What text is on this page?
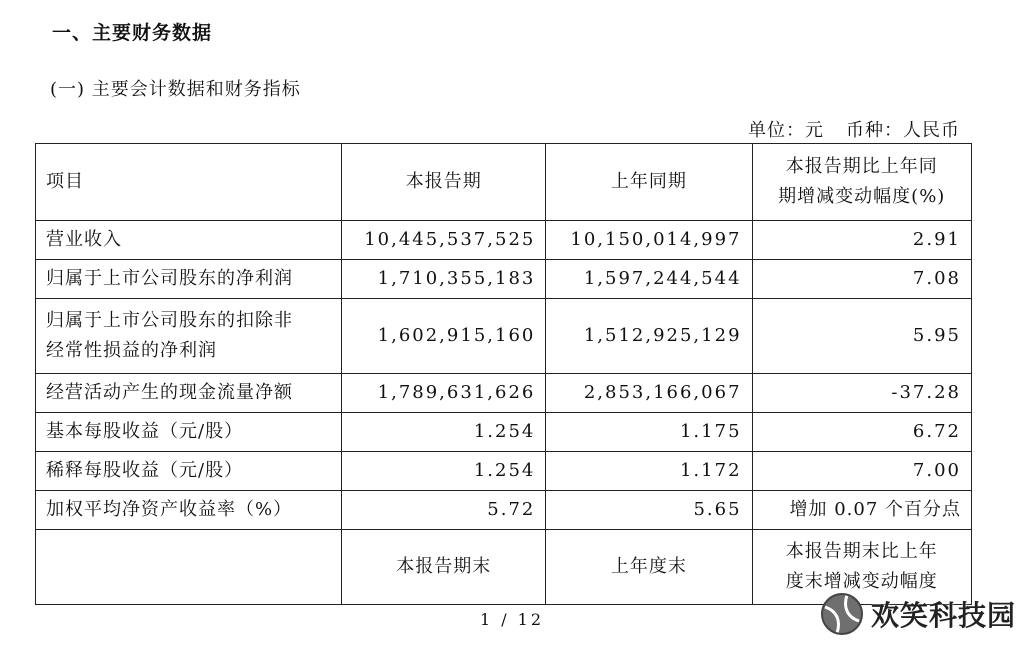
一、主要财务数据
(一) 主要会计数据和财务指标
单位：元 币种：人民币
项目	本报告期	上年同期	本报告期比上年同
期增减变动幅度(%)

营业收入	10,445,537,525	10,150,014,997	2.91
归属于上市公司股东的净利润	1,710,355,183	1,597,244,544	7.08

归属于上市公司股东的扣除非
经常性损益的净利润	1,602,915,160	1,512,925,129	5.95
经营活动产生的现金流量净额	1,789,631,626	2,853,166,067	-37.28
基本每股收益（元/股）	1.254	1.175	6.72
稀释每股收益（元/股）	1.254	1.172	7.00
加权平均净资产收益率（%）	5.72	5.65	增加 0.07 个百分点
	本报告期末	上年度末	本报告期末比上年
度末增减变动幅度
1 / 12	欢笑科技园
